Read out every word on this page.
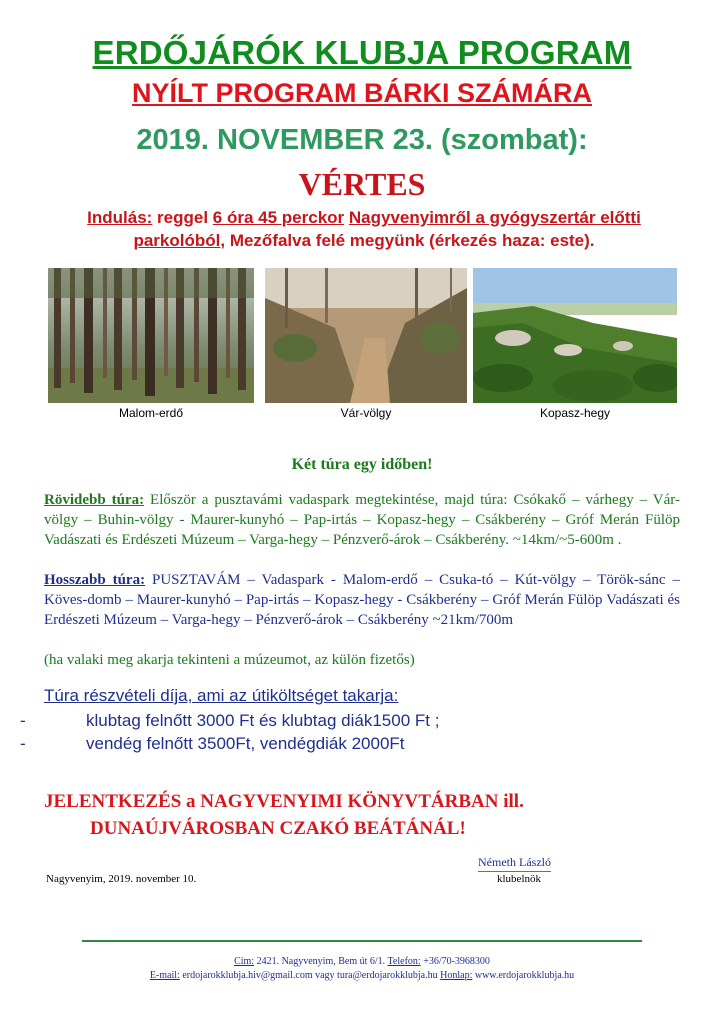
ERDŐJÁRÓK KLUBJA PROGRAM
NYÍLT PROGRAM BÁRKI SZÁMÁRA
2019. NOVEMBER 23. (szombat):
VÉRTES
Indulás: reggel 6 óra 45 perckor Nagyvenyimről a gyógyszertár előtti parkolóból, Mezőfalva felé megyünk (érkezés haza: este).
Malom-erdő	Vár-völgy	Kopasz-hegy
Két túra egy időben!
Rövidebb túra: Először a pusztavámi vadaspark megtekintése, majd túra: Csókakő – várhegy – Vár-völgy – Buhin-völgy - Maurer-kunyhó – Pap-irtás – Kopasz-hegy – Csákberény – Gróf Merán Fülöp Vadászati és Erdészeti Múzeum – Varga-hegy – Pénzverő-árok – Csákberény. ~14km/~5-600m .
Hosszabb túra: PUSZTAVÁM – Vadaspark - Malom-erdő – Csuka-tó – Kút-völgy – Török-sánc – Köves-domb – Maurer-kunyhó – Pap-irtás – Kopasz-hegy - Csákberény – Gróf Merán Fülöp Vadászati és Erdészeti Múzeum – Varga-hegy – Pénzverő-árok – Csákberény ~21km/700m
(ha valaki meg akarja tekinteni a múzeumot, az külön fizetős)
Túra részvételi díja, ami az útiköltséget takarja:
-	klubtag felnőtt 3000 Ft és klubtag diák1500 Ft ;
-	vendég felnőtt 3500Ft, vendégdiák 2000Ft
JELENTKEZÉS a NAGYVENYIMI KÖNYVTÁRBAN ill.
DUNAÚJVÁROSBAN CZAKÓ BEÁTÁNÁL!
Németh László
klubelnök
Nagyvenyim, 2019. november 10.
Cím: 2421. Nagyvenyim, Bem út 6/1. Telefon: +36/70-3968300
E-mail: erdojarokklubja.hiv@gmail.com vagy tura@erdojarokklubja.hu Honlap: www.erdojarokklubja.hu
